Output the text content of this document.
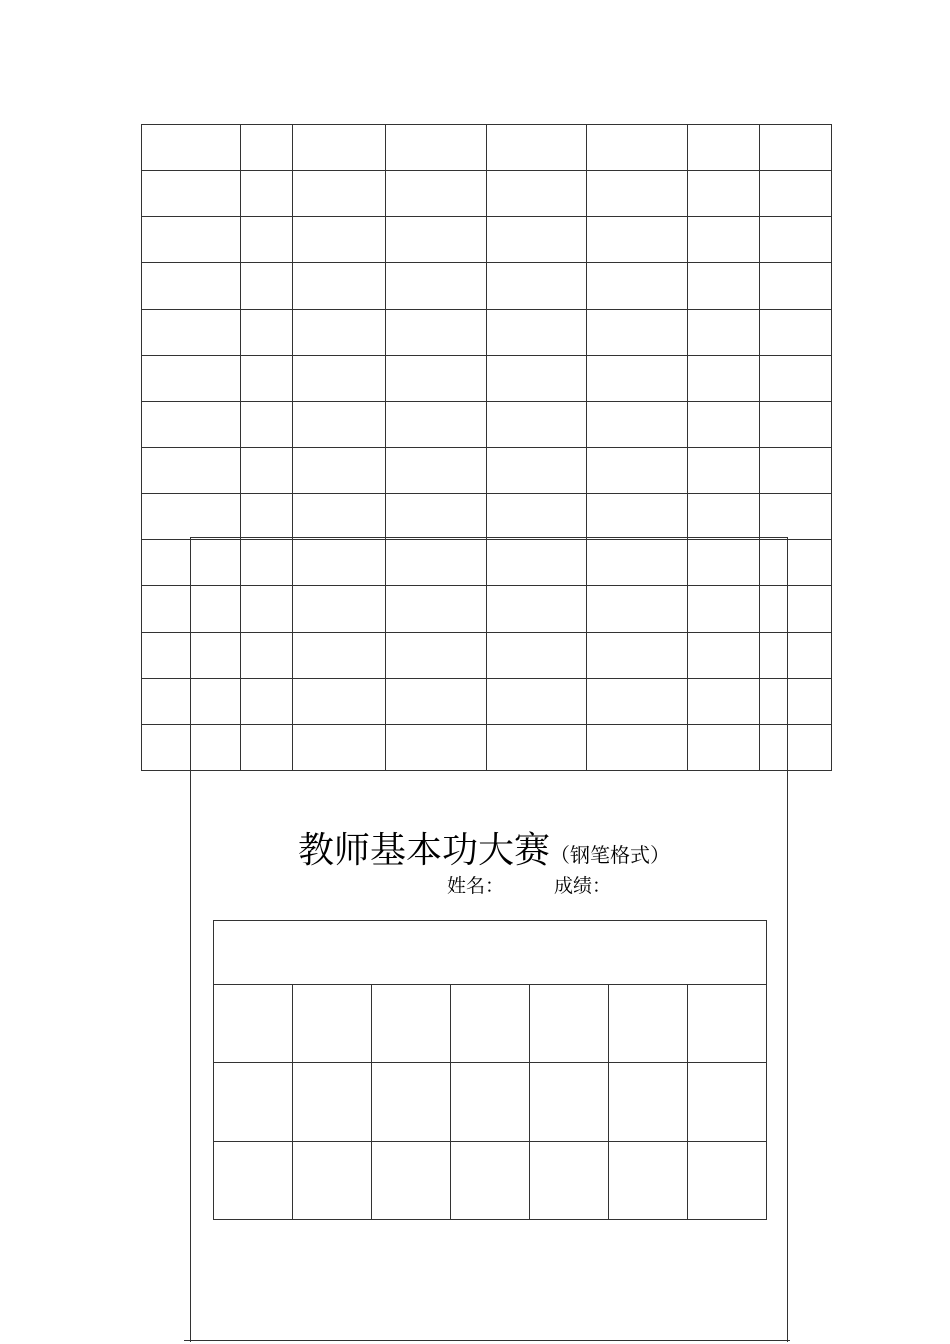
教师基本功大赛（钢笔格式）
姓名：	成绩：
